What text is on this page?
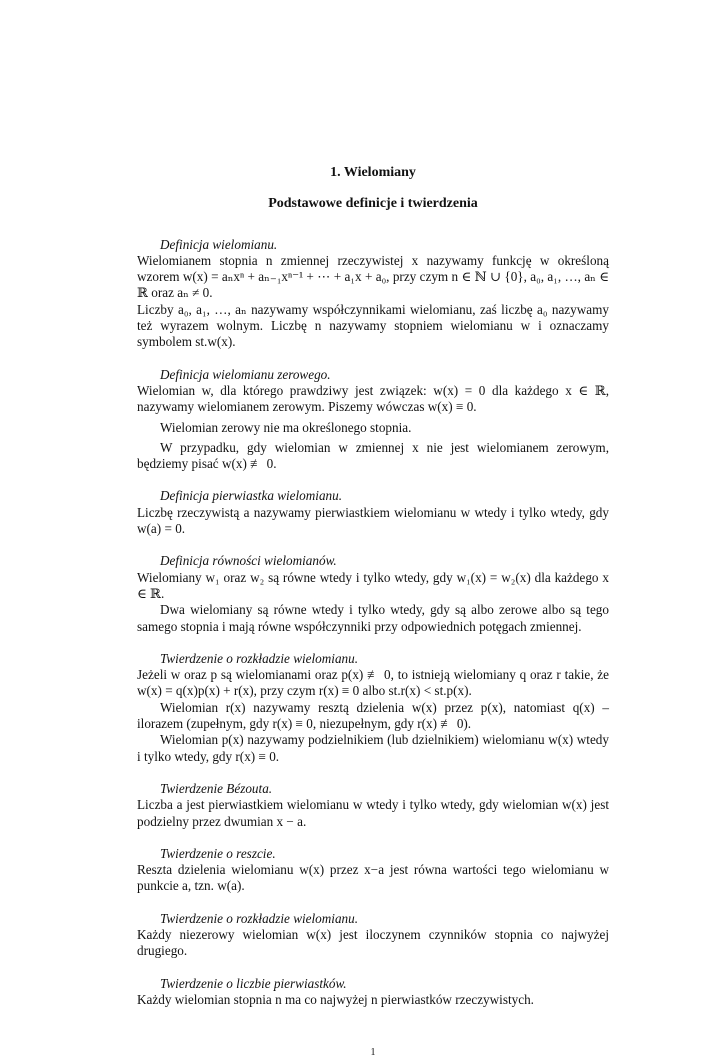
1. Wielomiany
Podstawowe definicje i twierdzenia
Definicja wielomianu.

Wielomianem stopnia n zmiennej rzeczywistej x nazywamy funkcję w określoną wzorem w(x) = aₙxⁿ + aₙ₋₁xⁿ⁻¹ + ⋯ + a₁x + a₀, przy czym n ∈ ℕ ∪ {0}, a₀, a₁, …, aₙ ∈ ℝ oraz aₙ ≠ 0.

Liczby a₀, a₁, …, aₙ nazywamy współczynnikami wielomianu, zaś liczbę a₀ nazywamy też wyrazem wolnym. Liczbę n nazywamy stopniem wielomianu w i oznaczamy symbolem st.w(x).

Definicja wielomianu zerowego.

Wielomian w, dla którego prawdziwy jest związek: w(x) = 0 dla każdego x ∈ ℝ, nazywamy wielomianem zerowym. Piszemy wówczas w(x) ≡ 0.

Wielomian zerowy nie ma określonego stopnia.

W przypadku, gdy wielomian w zmiennej x nie jest wielomianem zerowym, będziemy pisać w(x) ≢ 0.

Definicja pierwiastka wielomianu.

Liczbę rzeczywistą a nazywamy pierwiastkiem wielomianu w wtedy i tylko wtedy, gdy w(a) = 0.

Definicja równości wielomianów.

Wielomiany w₁ oraz w₂ są równe wtedy i tylko wtedy, gdy w₁(x) = w₂(x) dla każdego x ∈ ℝ.

Dwa wielomiany są równe wtedy i tylko wtedy, gdy są albo zerowe albo są tego samego stopnia i mają równe współczynniki przy odpowiednich potęgach zmiennej.

Twierdzenie o rozkładzie wielomianu.

Jeżeli w oraz p są wielomianami oraz p(x) ≢ 0, to istnieją wielomiany q oraz r takie, że w(x) = q(x)p(x) + r(x), przy czym r(x) ≡ 0 albo st.r(x) < st.p(x).

Wielomian r(x) nazywamy resztą dzielenia w(x) przez p(x), natomiast q(x) – ilorazem (zupełnym, gdy r(x) ≡ 0, niezupełnym, gdy r(x) ≢ 0).

Wielomian p(x) nazywamy podzielnikiem (lub dzielnikiem) wielomianu w(x) wtedy i tylko wtedy, gdy r(x) ≡ 0.

Twierdzenie Bézouta.

Liczba a jest pierwiastkiem wielomianu w wtedy i tylko wtedy, gdy wielomian w(x) jest podzielny przez dwumian x − a.

Twierdzenie o reszcie.

Reszta dzielenia wielomianu w(x) przez x−a jest równa wartości tego wielomianu w punkcie a, tzn. w(a).

Twierdzenie o rozkładzie wielomianu.

Każdy niezerowy wielomian w(x) jest iloczynem czynników stopnia co najwyżej drugiego.

Twierdzenie o liczbie pierwiastków.

Każdy wielomian stopnia n ma co najwyżej n pierwiastków rzeczywistych.

1
